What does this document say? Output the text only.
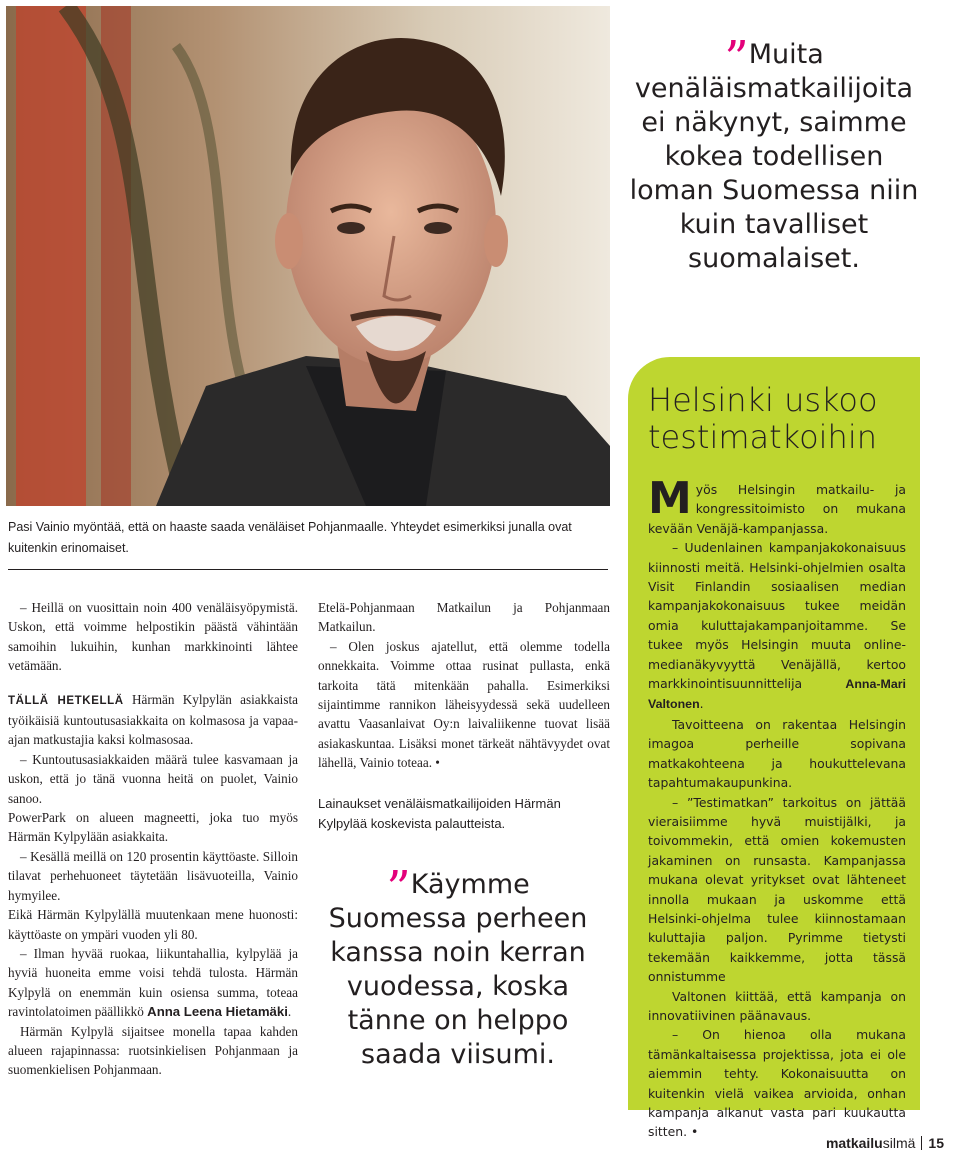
Pasi Vainio myöntää, että on haaste saada venäläiset Pohjanmaalle. Yhteydet esimerkiksi junalla ovat kuitenkin erinomaiset.
” Muita venäläismatkailijoita ei näkynyt, saimme kokea todellisen loman Suomessa niin kuin tavalliset suomalaiset.

– Heillä on vuosittain noin 400 venäläisyöpymistä. Uskon, että voimme helpostikin päästä vähintään samoihin lukuihin, kunhan markkinointi lähtee vetämään.

TÄLLÄ HETKELLÄ Härmän Kylpylän asiakkaista työikäisiä kuntoutusasiakkaita on kolmasosa ja vapaa-ajan matkustajia kaksi kolmasosaa.

– Kuntoutusasiakkaiden määrä tulee kasvamaan ja uskon, että jo tänä vuonna heitä on puolet, Vainio sanoo.

PowerPark on alueen magneetti, joka tuo myös Härmän Kylpylään asiakkaita.

– Kesällä meillä on 120 prosentin käyttöaste. Silloin tilavat perhehuoneet täytetään lisävuoteilla, Vainio hymyilee.

Eikä Härmän Kylpylällä muutenkaan mene huonosti: käyttöaste on ympäri vuoden yli 80.

– Ilman hyvää ruokaa, liikuntahallia, kylpylää ja hyviä huoneita emme voisi tehdä tulosta. Härmän Kylpylä on enemmän kuin osiensa summa, toteaa ravintolatoimen päällikkö Anna Leena Hietamäki.

Härmän Kylpylä sijaitsee monella tapaa kahden alueen rajapinnassa: ruotsinkielisen Pohjanmaan ja suomenkielisen Pohjanmaan.

Etelä-Pohjanmaan Matkailun ja Pohjanmaan Matkailun.

– Olen joskus ajatellut, että olemme todella onnekkaita. Voimme ottaa rusinat pullasta, enkä tarkoita tätä mitenkään pahalla. Esimerkiksi sijaintimme rannikon läheisyydessä sekä uudelleen avattu Vaasanlaivat Oy:n laivaliikenne tuovat lisää asiakaskuntaa. Lisäksi monet tärkeät nähtävyydet ovat lähellä, Vainio toteaa. •

Lainaukset venäläismatkailijoiden Härmän Kylpylää koskevista palautteista.
” Käymme Suomessa perheen kanssa noin kerran vuodessa, koska tänne on helppo saada viisumi.
Helsinki uskoo testimatkoihin

Myös Helsingin matkailu- ja kongressitoimisto on mukana kevään Venäjä-kampanjassa.

– Uudenlainen kampanjakokonaisuus kiinnosti meitä. Helsinki-ohjelmien osalta Visit Finlandin sosiaalisen median kampanjakokonaisuus tukee meidän omia kuluttajakampanjoitamme. Se tukee myös Helsingin muuta online-medianäkyvyyttä Venäjällä, kertoo markkinointisuunnittelija Anna-Mari Valtonen.

Tavoitteena on rakentaa Helsingin imagoa perheille sopivana matkakohteena ja houkuttelevana tapahtumakaupunkina.

– ”Testimatkan” tarkoitus on jättää vieraisiimme hyvä muistijälki, ja toivommekin, että omien kokemusten jakaminen on runsasta. Kampanjassa mukana olevat yritykset ovat lähteneet innolla mukaan ja uskomme että Helsinki-ohjelma tulee kiinnostamaan kuluttajia paljon. Pyrimme tietysti tekemään kaikkemme, jotta tässä onnistumme

Valtonen kiittää, että kampanja on innovatiivinen päänavaus.

– On hienoa olla mukana tämänkaltaisessa projektissa, jota ei ole aiemmin tehty. Kokonaisuutta on kuitenkin vielä vaikea arvioida, onhan kampanja alkanut vasta pari kuukautta sitten. •

matkailusilmä 15
